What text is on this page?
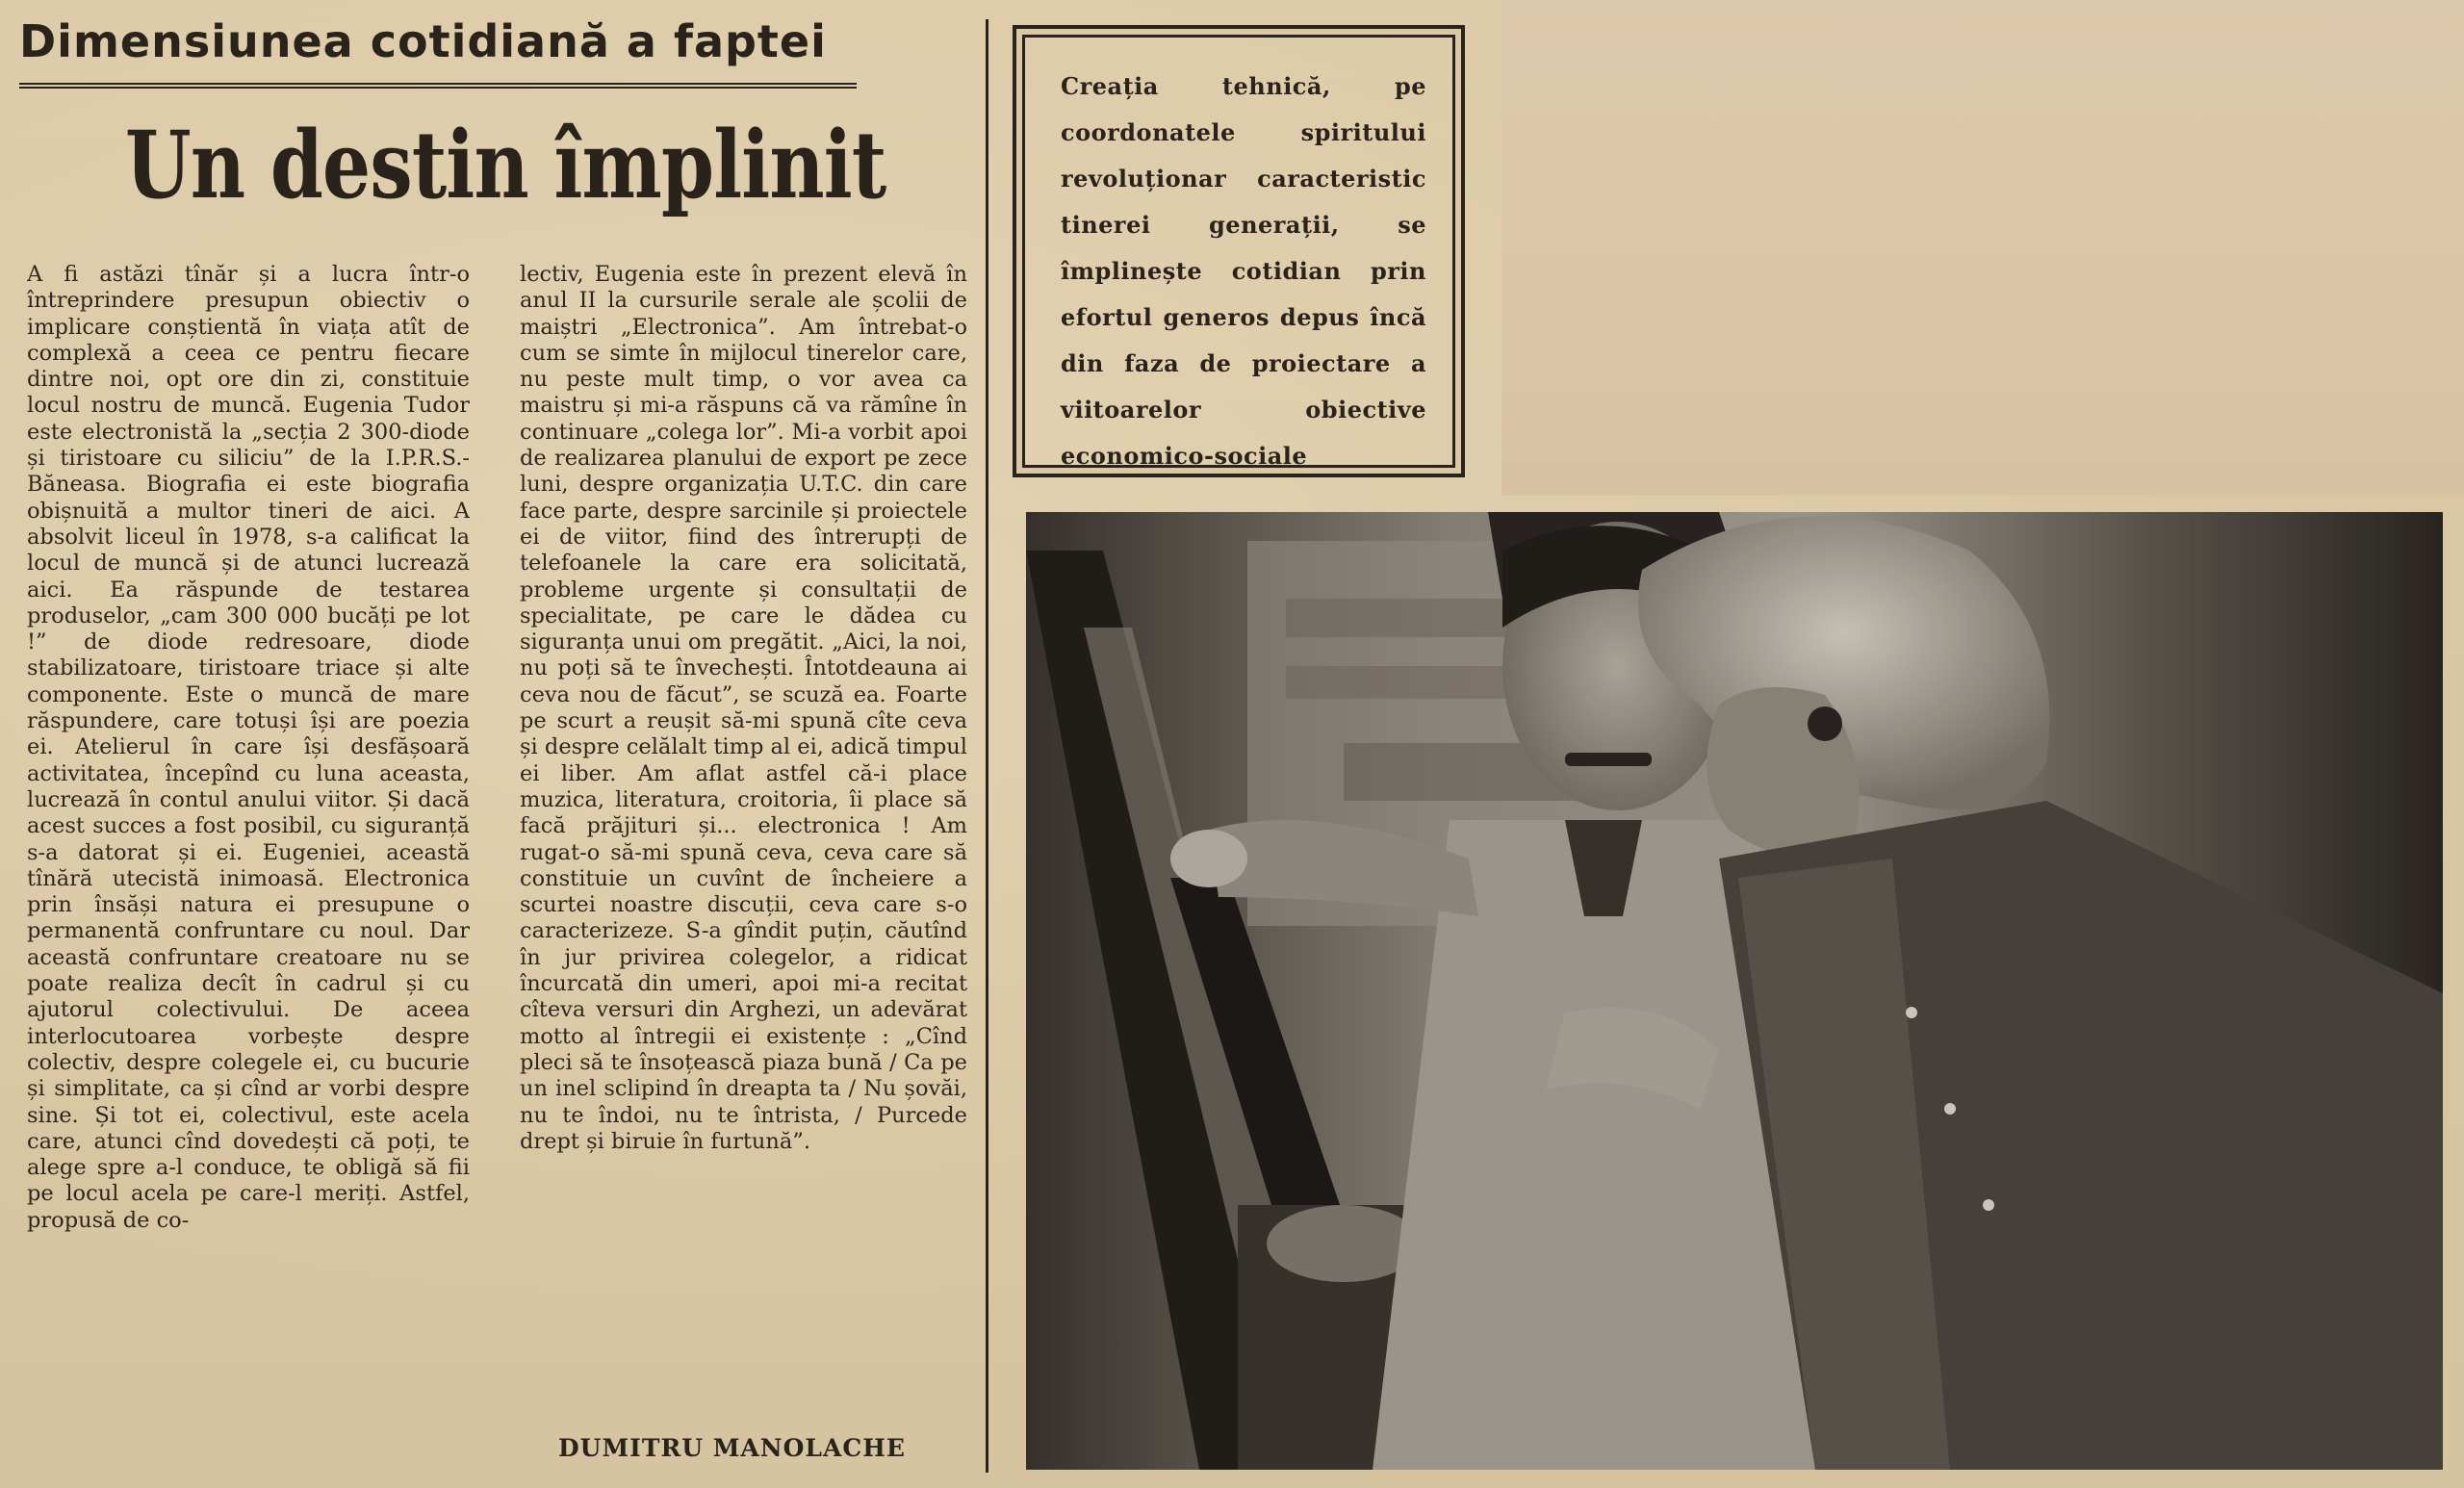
Dimensiunea cotidiană a faptei
Un destin împlinit

A fi astăzi tînăr și a lucra într-o întreprindere presupun obiectiv o implicare conștientă în viața atît de complexă a ceea ce pentru fiecare dintre noi, opt ore din zi, constituie locul nostru de muncă. Eugenia Tudor este electronistă la „secția 2 300-diode și tiristoare cu siliciu” de la I.P.R.S.-Băneasa. Biografia ei este biografia obișnuită a multor tineri de aici. A absolvit liceul în 1978, s-a calificat la locul de muncă și de atunci lucrează aici. Ea răspunde de testarea produselor, „cam 300 000 bucăți pe lot !” de diode redresoare, diode stabilizatoare, tiristoare triace și alte componente. Este o muncă de mare răspundere, care totuși își are poezia ei. Atelierul în care își desfășoară activitatea, începînd cu luna aceasta, lucrează în contul anului viitor. Și dacă acest succes a fost posibil, cu siguranță s-a datorat și ei. Eugeniei, această tînără utecistă inimoasă. Electronica prin însăși natura ei presupune o permanentă confruntare cu noul. Dar această confruntare creatoare nu se poate realiza decît în cadrul și cu ajutorul colectivului. De aceea interlocutoarea vorbește despre colectiv, despre colegele ei, cu bucurie și simplitate, ca și cînd ar vorbi despre sine. Și tot ei, colectivul, este acela care, atunci cînd dovedești că poți, te alege spre a-l conduce, te obligă să fii pe locul acela pe care-l meriți. Astfel, propusă de co-

lectiv, Eugenia este în prezent elevă în anul II la cursurile serale ale școlii de maiștri „Electronica”. Am întrebat-o cum se simte în mijlocul tinerelor care, nu peste mult timp, o vor avea ca maistru și mi-a răspuns că va rămîne în continuare „colega lor”. Mi-a vorbit apoi de realizarea planului de export pe zece luni, despre organizația U.T.C. din care face parte, despre sarcinile și proiectele ei de viitor, fiind des întrerupți de telefoanele la care era solicitată, probleme urgente și consultații de specialitate, pe care le dădea cu siguranța unui om pregătit. „Aici, la noi, nu poți să te învechești. Întotdeauna ai ceva nou de făcut”, se scuză ea. Foarte pe scurt a reușit să-mi spună cîte ceva și despre celălalt timp al ei, adică timpul ei liber. Am aflat astfel că-i place muzica, literatura, croitoria, îi place să facă prăjituri și... electronica ! Am rugat-o să-mi spună ceva, ceva care să constituie un cuvînt de încheiere a scurtei noastre discuții, ceva care s-o caracterizeze. S-a gîndit puțin, căutînd în jur privirea colegelor, a ridicat încurcată din umeri, apoi mi-a recitat cîteva versuri din Arghezi, un adevărat motto al întregii ei existențe : „Cînd pleci să te însoțească piaza bună / Ca pe un inel sclipind în dreapta ta / Nu șovăi, nu te îndoi, nu te întrista, / Purcede drept și biruie în furtună”.

DUMITRU MANOLACHE
Creația tehnică, pe coordonatele spiritului revoluționar caracteristic tinerei generații, se împlinește cotidian prin efortul generos depus încă din faza de proiectare a viitoarelor obiective economico-sociale
